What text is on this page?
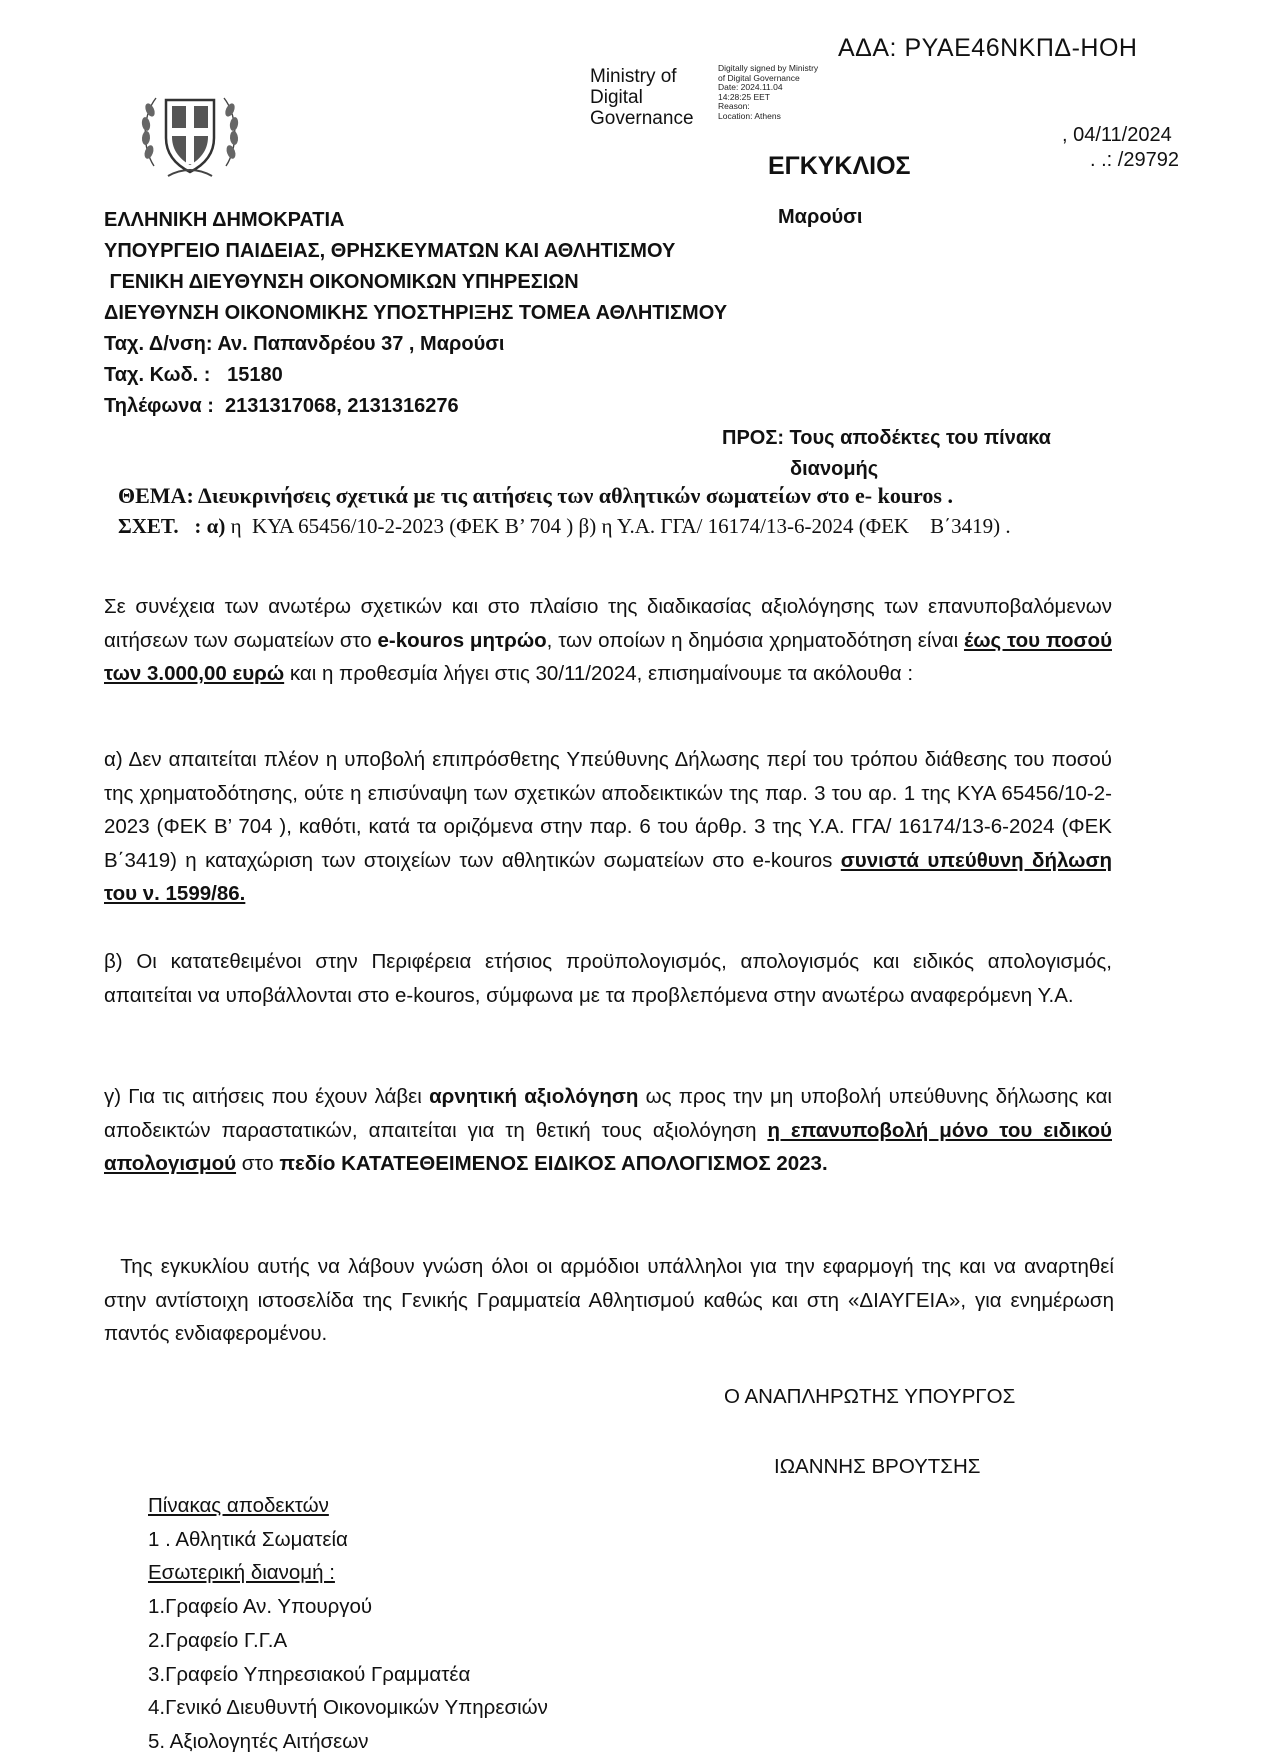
ΑΔΑ: ΡΥΑΕ46ΝΚΠΔ-ΗΟΗ
Ministry of
Digital
Governance
Digitally signed by Ministry
of Digital Governance
Date: 2024.11.04
14:28:25 EET
Reason:
Location: Athens
, 04/11/2024
. .: /29792
ΕΓΚΥΚΛΙΟΣ
Μαρούσι
ΕΛΛΗΝΙΚΗ ΔΗΜΟΚΡΑΤΙΑ
ΥΠΟΥΡΓΕΙΟ ΠΑΙΔΕΙΑΣ, ΘΡΗΣΚΕΥΜΑΤΩΝ ΚΑΙ ΑΘΛΗΤΙΣΜΟΥ
ΓΕΝΙΚΗ ΔΙΕΥΘΥΝΣΗ ΟΙΚΟΝΟΜΙΚΩΝ ΥΠΗΡΕΣΙΩΝ
ΔΙΕΥΘΥΝΣΗ ΟΙΚΟΝΟΜΙΚΗΣ ΥΠΟΣΤΗΡΙΞΗΣ ΤΟΜΕΑ ΑΘΛΗΤΙΣΜΟΥ
Ταχ. Δ/νση: Αν. Παπανδρέου 37 , Μαρούσι
Ταχ. Κωδ. :   15180
Τηλέφωνα :  2131317068, 2131316276
ΠΡΟΣ: Τους αποδέκτες του πίνακα
διανομής
ΘΕΜΑ: Διευκρινήσεις σχετικά με τις αιτήσεις των αθλητικών σωματείων στο e- kouros .
ΣΧΕΤ.   : α) η  ΚΥΑ 65456/10-2-2023 (ΦΕΚ Β’ 704 ) β) η Υ.Α. ΓΓΑ/ 16174/13-6-2024 (ΦΕΚ    Β΄3419) .
Σε συνέχεια των ανωτέρω σχετικών και στο πλαίσιο της διαδικασίας αξιολόγησης των επανυποβαλόμενων αιτήσεων των σωματείων στο e-kouros μητρώο, των οποίων η δημόσια χρηματοδότηση είναι έως του ποσού των 3.000,00 ευρώ και η προθεσμία λήγει στις 30/11/2024, επισημαίνουμε τα ακόλουθα :
α) Δεν απαιτείται πλέον η υποβολή επιπρόσθετης Υπεύθυνης Δήλωσης περί του τρόπου διάθεσης του ποσού της χρηματοδότησης, ούτε η επισύναψη των σχετικών αποδεικτικών της παρ. 3 του αρ. 1 της ΚΥΑ 65456/10-2-2023 (ΦΕΚ Β’ 704 ), καθότι, κατά τα οριζόμενα στην παρ. 6 του άρθρ. 3 της Υ.Α. ΓΓΑ/ 16174/13-6-2024 (ΦΕΚ Β΄3419) η καταχώριση των στοιχείων των αθλητικών σωματείων στο e-kouros συνιστά υπεύθυνη δήλωση του ν. 1599/86.
β) Οι κατατεθειμένοι στην Περιφέρεια ετήσιος προϋπολογισμός, απολογισμός και ειδικός απολογισμός, απαιτείται να υποβάλλονται στο e-kouros, σύμφωνα με τα προβλεπόμενα στην ανωτέρω αναφερόμενη Υ.Α.
γ) Για τις αιτήσεις που έχουν λάβει αρνητική αξιολόγηση ως προς την μη υποβολή υπεύθυνης δήλωσης και αποδεικτών παραστατικών, απαιτείται για τη θετική τους αξιολόγηση η επανυποβολή μόνο του ειδικού απολογισμού στο πεδίο ΚΑΤΑΤΕΘΕΙΜΕΝΟΣ ΕΙΔΙΚΟΣ ΑΠΟΛΟΓΙΣΜΟΣ 2023.
Της εγκυκλίου αυτής να λάβουν γνώση όλοι οι αρμόδιοι υπάλληλοι για την εφαρμογή της και να αναρτηθεί στην αντίστοιχη ιστοσελίδα της Γενικής Γραμματεία Αθλητισμού καθώς και στη «ΔΙΑΥΓΕΙΑ», για ενημέρωση παντός ενδιαφερομένου.
Ο ΑΝΑΠΛΗΡΩΤΗΣ ΥΠΟΥΡΓΟΣ
ΙΩΑΝΝΗΣ ΒΡΟΥΤΣΗΣ
Πίνακας αποδεκτών
1 . Αθλητικά Σωματεία
Εσωτερική διανομή :
1.Γραφείο Αν. Υπουργού
2.Γραφείο Γ.Γ.Α
3.Γραφείο Υπηρεσιακού Γραμματέα
4.Γενικό Διευθυντή Οικονομικών Υπηρεσιών
5. Αξιολογητές Αιτήσεων
